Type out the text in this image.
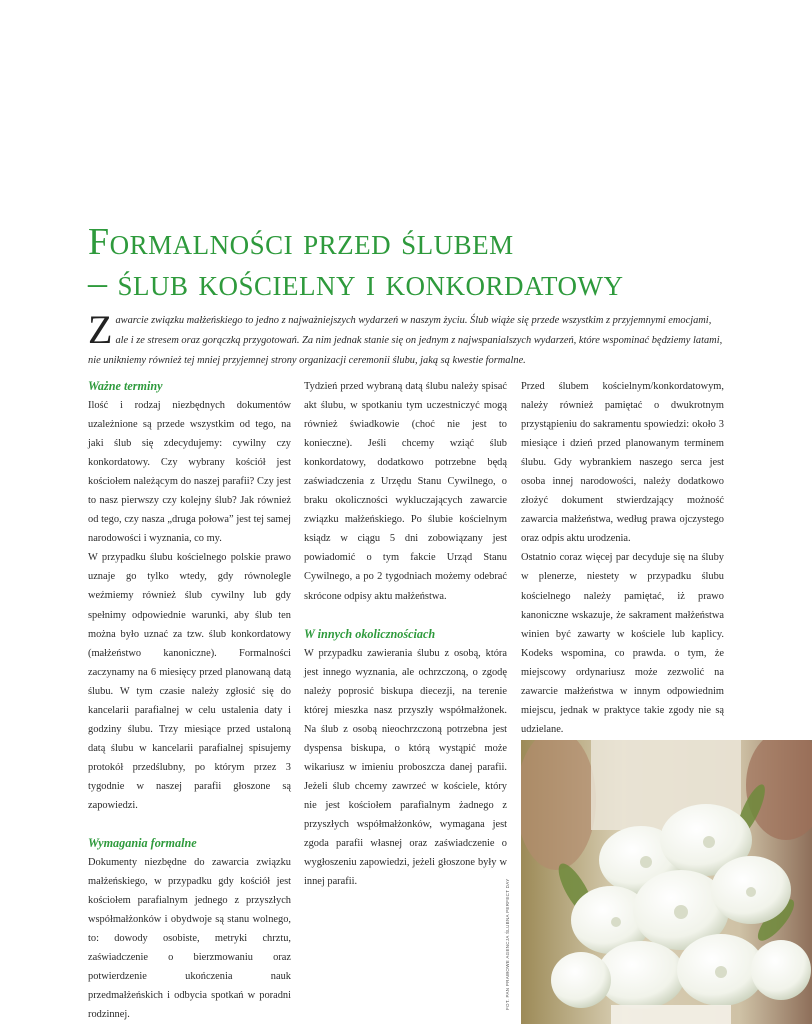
Formalności przed ślubem
– ślub kościelny i konkordatowy

Zawarcie związku małżeńskiego to jedno z najważniejszych wydarzeń w naszym życiu. Ślub wiąże się przede wszystkim z przyjemnymi emocjami, ale i ze stresem oraz gorączką przygotowań. Za nim jednak stanie się on jednym z najwspanialszych wydarzeń, które wspominać będziemy latami, nie unikniemy również tej mniej przyjemnej strony organizacji ceremonii ślubu, jaką są kwestie formalne.

Ważne terminy

Ilość i rodzaj niezbędnych dokumentów uzależnione są przede wszystkim od tego, na jaki ślub się zdecydujemy: cywilny czy konkordatowy. Czy wybrany kościół jest kościołem należącym do naszej parafii? Czy jest to nasz pierwszy czy kolejny ślub? Jak również od tego, czy nasza „druga połowa” jest tej samej narodowości i wyznania, co my.

W przypadku ślubu kościelnego polskie prawo uznaje go tylko wtedy, gdy równolegle weźmiemy również ślub cywilny lub gdy spełnimy odpowiednie warunki, aby ślub ten można było uznać za tzw. ślub konkordatowy (małżeństwo kanoniczne). Formalności zaczynamy na 6 miesięcy przed planowaną datą ślubu. W tym czasie należy zgłosić się do kancelarii parafialnej w celu ustalenia daty i godziny ślubu. Trzy miesiące przed ustaloną datą ślubu w kancelarii parafialnej spisujemy protokół przedślubny, po którym przez 3 tygodnie w naszej parafii głoszone są zapowiedzi.

Wymagania formalne

Dokumenty niezbędne do zawarcia związku małżeńskiego, w przypadku gdy kościół jest kościołem parafialnym jednego z przyszłych współmałżonków i obydwoje są stanu wolnego, to: dowody osobiste, metryki chrztu, zaświadczenie o bierzmowaniu oraz potwierdzenie ukończenia nauk przedmałżeńskich i odbycia spotkań w poradni rodzinnej.

Tydzień przed wybraną datą ślubu należy spisać akt ślubu, w spotkaniu tym uczestniczyć mogą również świadkowie (choć nie jest to konieczne). Jeśli chcemy wziąć ślub konkordatowy, dodatkowo potrzebne będą zaświadczenia z Urzędu Stanu Cywilnego, o braku okoliczności wykluczających zawarcie związku małżeńskiego. Po ślubie kościelnym ksiądz w ciągu 5 dni zobowiązany jest powiadomić o tym fakcie Urząd Stanu Cywilnego, a po 2 tygodniach możemy odebrać skrócone odpisy aktu małżeństwa.

W innych okolicznościach

W przypadku zawierania ślubu z osobą, która jest innego wyznania, ale ochrzczoną, o zgodę należy poprosić biskupa diecezji, na terenie której mieszka nasz przyszły współmałżonek. Na ślub z osobą nieochrzczoną potrzebna jest dyspensa biskupa, o którą wystąpić może wikariusz w imieniu proboszcza danej parafii. Jeżeli ślub chcemy zawrzeć w kościele, który nie jest kościołem parafialnym żadnego z przyszłych współmałżonków, wymagana jest zgoda parafii własnej oraz zaświadczenie o wygłoszeniu zapowiedzi, jeżeli głoszone były w innej parafii.

Przed ślubem kościelnym/konkordatowym, należy również pamiętać o dwukrotnym przystąpieniu do sakramentu spowiedzi: około 3 miesiące i dzień przed planowanym terminem ślubu. Gdy wybrankiem naszego serca jest osoba innej narodowości, należy dodatkowo złożyć dokument stwierdzający możność zawarcia małżeństwa, według prawa ojczystego oraz odpis aktu urodzenia.

Ostatnio coraz więcej par decyduje się na śluby w plenerze, niestety w przypadku ślubu kościelnego należy pamiętać, iż prawo kanoniczne wskazuje, że sakrament małżeństwa winien być zawarty w kościele lub kaplicy. Kodeks wspomina, co prawda. o tym, że miejscowy ordynariusz może zezwolić na zawarcie małżeństwa w innym odpowiednim miejscu, jednak w praktyce takie zgody nie są udzielane.

FOT. PAN PRAWOWE AGENCJA ŚLUBNA PERFECT DAY
